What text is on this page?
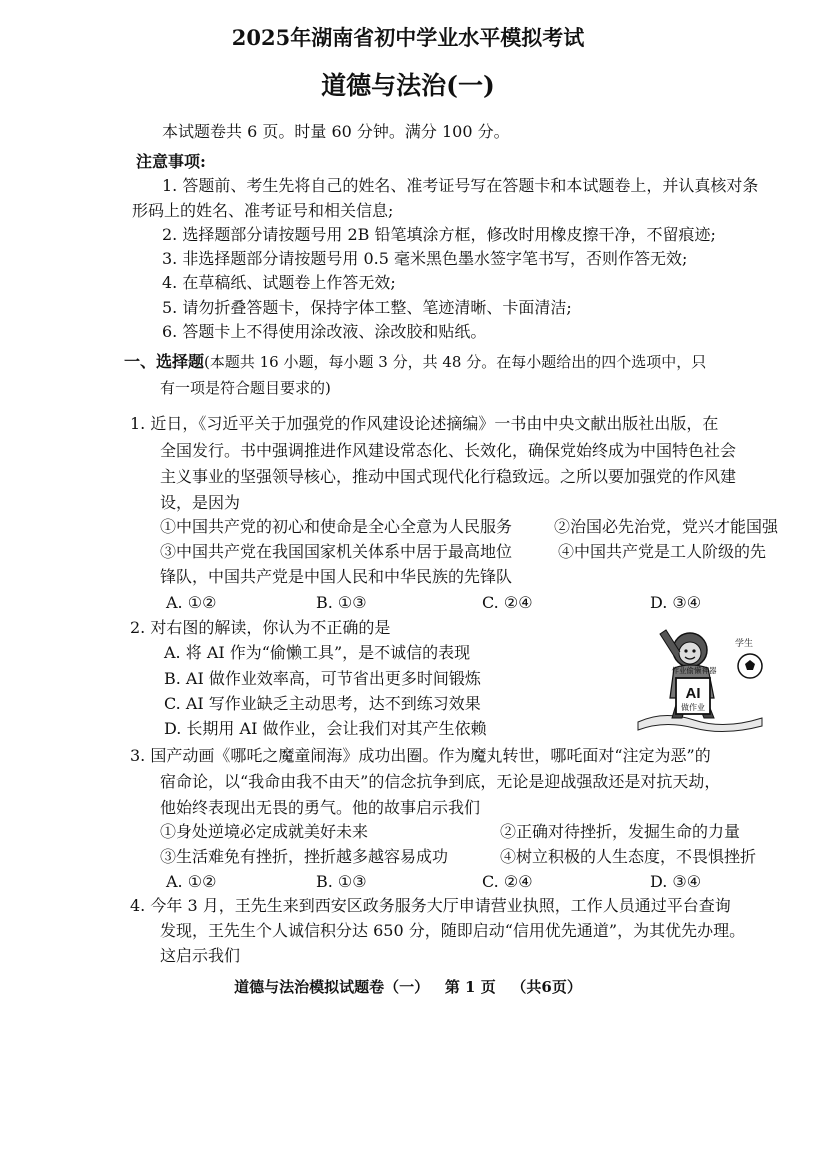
2025年湖南省初中学业水平模拟考试
道德与法治(一)
本试题卷共 6 页。时量 60 分钟。满分 100 分。
注意事项:
1. 答题前、考生先将自己的姓名、准考证号写在答题卡和本试题卷上，并认真核对条
形码上的姓名、准考证号和相关信息;
2. 选择题部分请按题号用 2B 铅笔填涂方框，修改时用橡皮擦干净，不留痕迹;
3. 非选择题部分请按题号用 0.5 毫米黑色墨水签字笔书写，否则作答无效;
4. 在草稿纸、试题卷上作答无效;
5. 请勿折叠答题卡，保持字体工整、笔迹清晰、卡面清洁;
6. 答题卡上不得使用涂改液、涂改胶和贴纸。
一、选择题(本题共 16 小题，每小题 3 分，共 48 分。在每小题给出的四个选项中，只
有一项是符合题目要求的)
1. 近日，《习近平关于加强党的作风建设论述摘编》一书由中央文献出版社出版，在
全国发行。书中强调推进作风建设常态化、长效化，确保党始终成为中国特色社会
主义事业的坚强领导核心，推动中国式现代化行稳致远。之所以要加强党的作风建
设，是因为
①中国共产党的初心和使命是全心全意为人民服务	②治国必先治党，党兴才能国强
③中国共产党在我国国家机关体系中居于最高地位	④中国共产党是工人阶级的先
锋队，中国共产党是中国人民和中华民族的先锋队
A. ①②	B. ①③	C. ②④	D. ③④
2. 对右图的解读，你认为不正确的是
A. 将 AI 作为“偷懒工具”，是不诚信的表现
B. AI 做作业效率高，可节省出更多时间锻炼
C. AI 写作业缺乏主动思考，达不到练习效果
D. 长期用 AI 做作业，会让我们对其产生依赖
AI
做作业
学生
作业偷懒神器
3. 国产动画《哪吒之魔童闹海》成功出圈。作为魔丸转世，哪吒面对“注定为恶”的
宿命论，以“我命由我不由天”的信念抗争到底，无论是迎战强敌还是对抗天劫，
他始终表现出无畏的勇气。他的故事启示我们
①身处逆境必定成就美好未来	②正确对待挫折，发掘生命的力量
③生活难免有挫折，挫折越多越容易成功	④树立积极的人生态度，不畏惧挫折
A. ①②	B. ①③	C. ②④	D. ③④
4. 今年 3 月，王先生来到西安区政务服务大厅申请营业执照，工作人员通过平台查询
发现，王先生个人诚信积分达 650 分，随即启动“信用优先通道”，为其优先办理。
这启示我们
道德与法治模拟试题卷（一）   第 1 页   （共6页）
